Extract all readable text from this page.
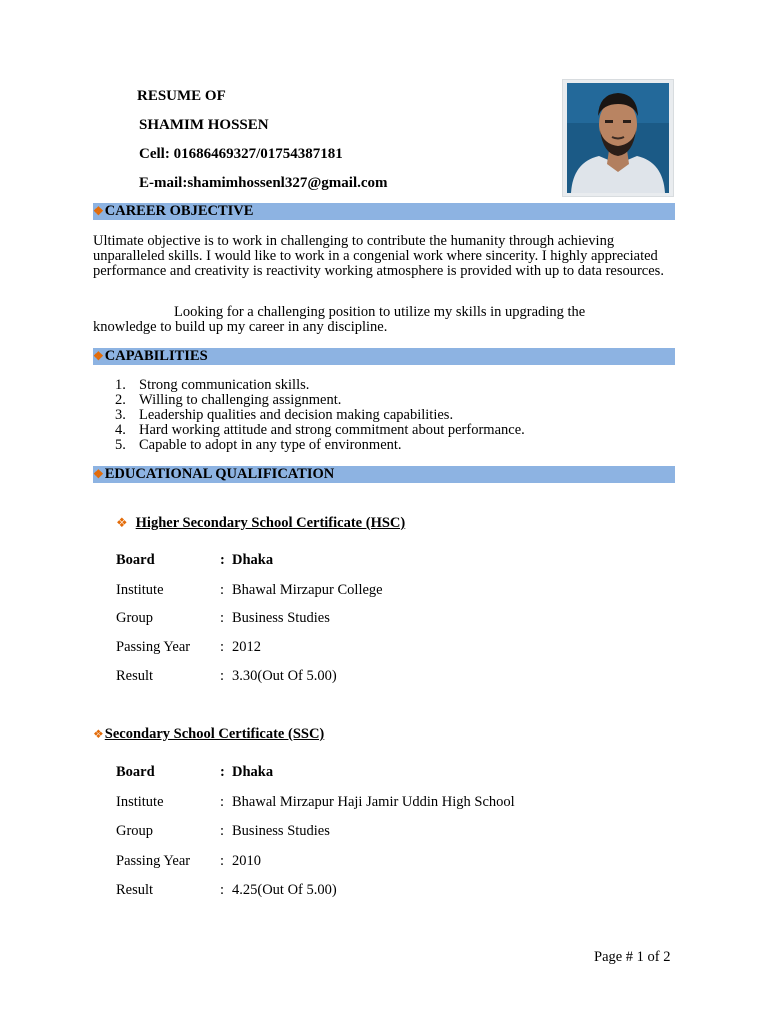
RESUME OF
SHAMIM HOSSEN
Cell: 01686469327/01754387181
E-mail:shamimhossenl327@gmail.com
❖CAREER OBJECTIVE
Ultimate objective is to work in challenging to contribute the humanity through achieving unparalleled skills. I would like to work in a congenial work where sincerity. I highly appreciated performance and creativity is reactivity working atmosphere is provided with up to data resources.
Looking for a challenging position to utilize my skills in upgrading the
knowledge to build up my career in any discipline.
❖CAPABILITIES
1. Strong communication skills.
2. Willing to challenging assignment.
3. Leadership qualities and decision making capabilities.
4. Hard working attitude and strong commitment about performance.
5. Capable to adopt in any type of environment.
❖EDUCATIONAL QUALIFICATION
❖ Higher Secondary School Certificate (HSC)
Board	: Dhaka
Institute	: Bhawal Mirzapur College
Group	: Business Studies
Passing Year : 2012
Result	: 3.30(Out Of 5.00)
❖Secondary School Certificate (SSC)
Board	: Dhaka
Institute	: Bhawal Mirzapur Haji Jamir Uddin High School
Group	: Business Studies
Passing Year : 2010
Result	: 4.25(Out Of 5.00)
Page # 1 of 2
